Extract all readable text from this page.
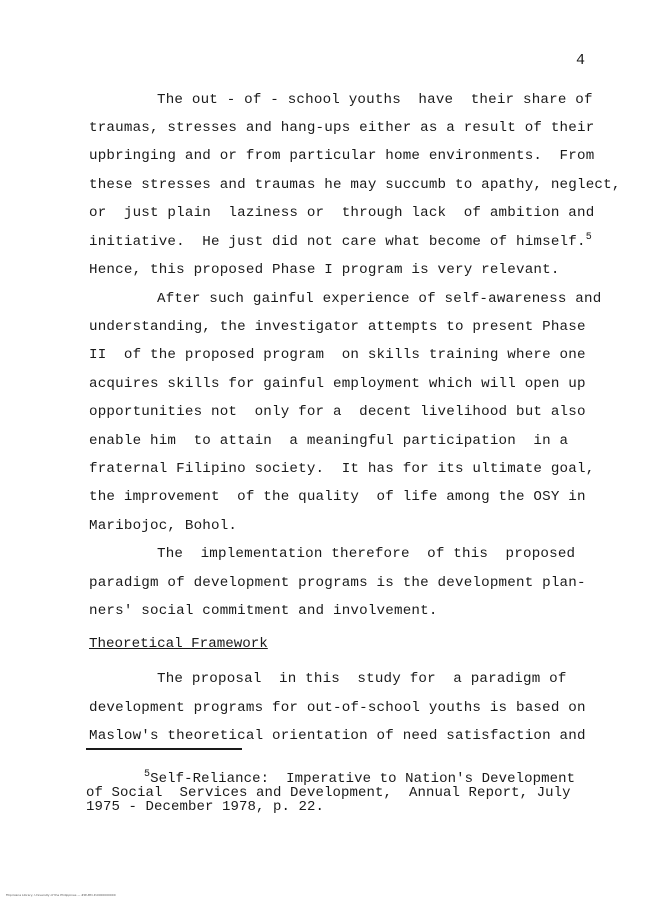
4
The out - of - school youths  have  their share of
traumas, stresses and hang-ups either as a result of their
upbringing and or from particular home environments.  From
these stresses and traumas he may succumb to apathy, neglect,
or  just plain  laziness or  through lack  of ambition and
initiative.  He just did not care what become of himself.$^5$
Hence, this proposed Phase I program is very relevant.
After such gainful experience of self-awareness and
understanding, the investigator attempts to present Phase
II  of the proposed program  on skills training where one
acquires skills for gainful employment which will open up
opportunities not  only for a  decent livelihood but also
enable him  to attain  a meaningful participation  in a
fraternal Filipino society.  It has for its ultimate goal,
the improvement  of the quality  of life among the OSY in
Maribojoc, Bohol.
The  implementation therefore  of this  proposed
paradigm of development programs is the development plan-
ners' social commitment and involvement.
Theoretical Framework
The proposal  in this  study for  a paradigm of
development programs for out-of-school youths is based on
Maslow's theoretical orientation of need satisfaction and
$^5$Self-Reliance:  Imperative to Nation's Development
of Social  Services and Development,  Annual Report, July
1975 - December 1978, p. 22.
Filipiniana Library, University of the Philippines — ##UPD-P-0000000000
